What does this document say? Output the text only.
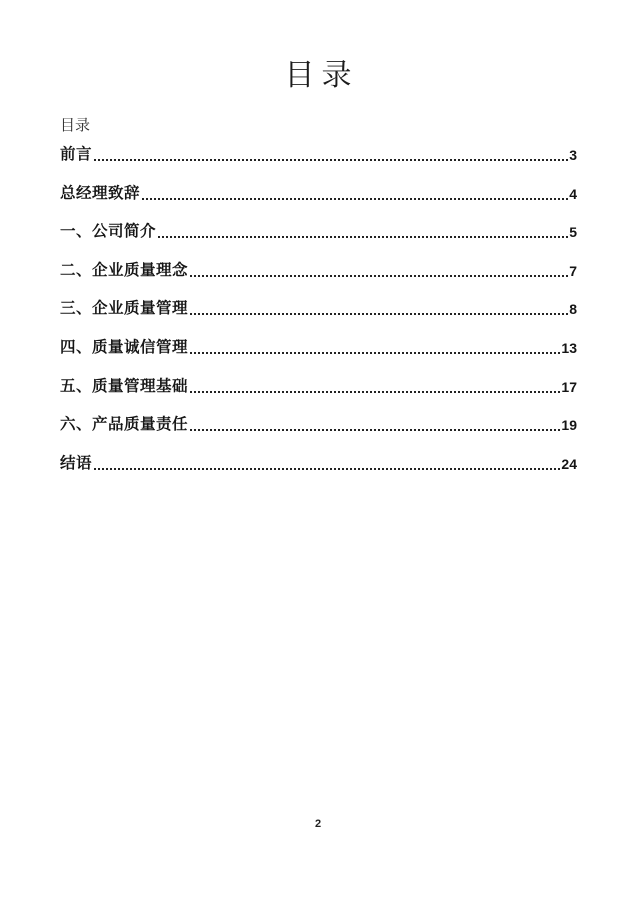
目录
目录
前言	3
总经理致辞	4
一、公司简介	5
二、企业质量理念	7
三、企业质量管理	8
四、质量诚信管理	13
五、质量管理基础	17
六、产品质量责任	19
结语	24
2
